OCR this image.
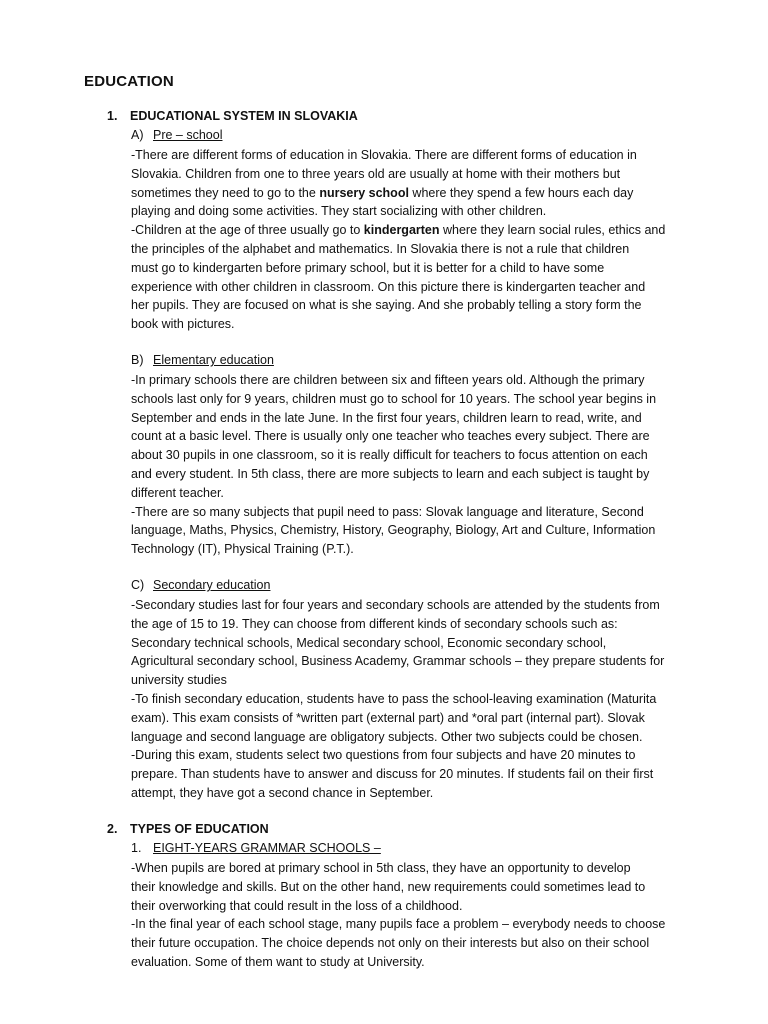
EDUCATION
1. EDUCATIONAL SYSTEM IN SLOVAKIA
A) Pre – school

-There are different forms of education in Slovakia. There are different forms of education in

Slovakia. Children from one to three years old are usually at home with their mothers but

sometimes they need to go to the nursery school where they spend a few hours each day

playing and doing some activities. They start socializing with other children.

-Children at the age of three usually go to kindergarten where they learn social rules, ethics and

the principles of the alphabet and mathematics. In Slovakia there is not a rule that children

must go to kindergarten before primary school, but it is better for a child to have some

experience with other children in classroom. On this picture there is kindergarten teacher and

her pupils. They are focused on what is she saying. And she probably telling a story form the

book with pictures.

B) Elementary education

-In primary schools there are children between six and fifteen years old. Although the primary

schools last only for 9 years, children must go to school for 10 years. The school year begins in

September and ends in the late June. In the first four years, children learn to read, write, and

count at a basic level. There is usually only one teacher who teaches every subject. There are

about 30 pupils in one classroom, so it is really difficult for teachers to focus attention on each

and every student. In 5th class, there are more subjects to learn and each subject is taught by

different teacher.

-There are so many subjects that pupil need to pass: Slovak language and literature, Second

language, Maths, Physics, Chemistry, History, Geography, Biology, Art and Culture, Information

Technology (IT), Physical Training (P.T.).

C) Secondary education

-Secondary studies last for four years and secondary schools are attended by the students from

the age of 15 to 19. They can choose from different kinds of secondary schools such as:

Secondary technical schools, Medical secondary school, Economic secondary school,

Agricultural secondary school, Business Academy, Grammar schools – they prepare students for

university studies

-To finish secondary education, students have to pass the school-leaving examination (Maturita

exam). This exam consists of *written part (external part) and *oral part (internal part). Slovak

language and second language are obligatory subjects. Other two subjects could be chosen.

-During this exam, students select two questions from four subjects and have 20 minutes to

prepare. Than students have to answer and discuss for 20 minutes. If students fail on their first

attempt, they have got a second chance in September.

2. TYPES OF EDUCATION
1. EIGHT-YEARS GRAMMAR SCHOOLS –

-When pupils are bored at primary school in 5th class, they have an opportunity to develop

their knowledge and skills. But on the other hand, new requirements could sometimes lead to

their overworking that could result in the loss of a childhood.

-In the final year of each school stage, many pupils face a problem – everybody needs to choose

their future occupation. The choice depends not only on their interests but also on their school

evaluation. Some of them want to study at University.
